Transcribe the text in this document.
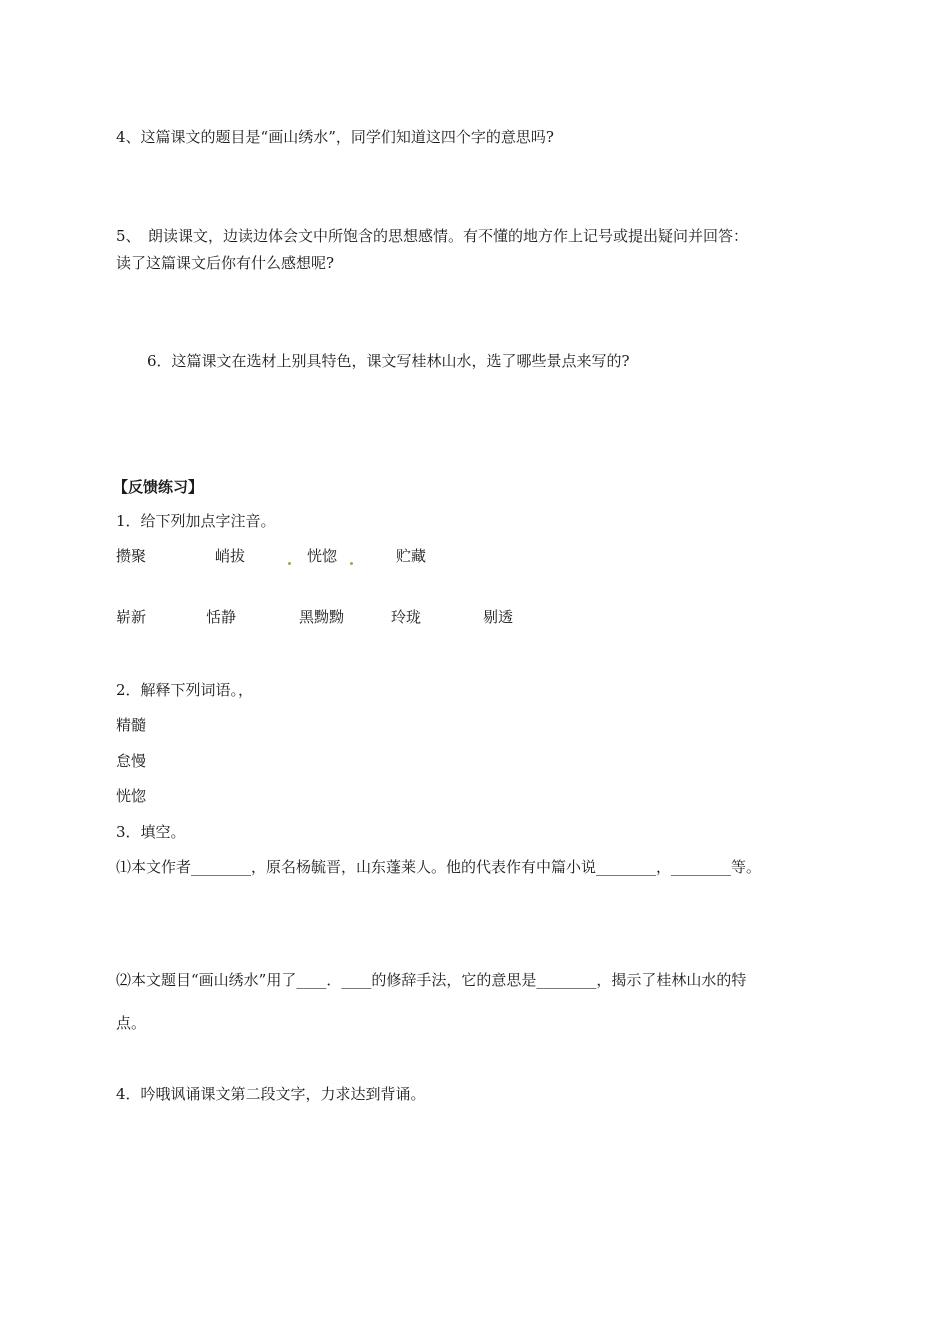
4、这篇课文的题目是“画山绣水”，同学们知道这四个字的意思吗?
5、　朗读课文，边读边体会文中所饱含的思想感情。有不懂的地方作上记号或提出疑问并回答：
读了这篇课文后你有什么感想呢?
6．这篇课文在选材上别具特色，课文写桂林山水，选了哪些景点来写的?
【反馈练习】
1．给下列加点字注音。
攒聚	峭拔	恍惚	贮藏
崭新	恬静	黑黝黝	玲珑	剔透
2．解释下列词语。，
精髓
怠慢
恍惚
3．填空。
⑴本文作者________，原名杨毓晋，山东蓬莱人。他的代表作有中篇小说________，________等。
⑵本文题目“画山绣水”用了____．____的修辞手法，它的意思是________，揭示了桂林山水的特
点。
4．吟哦讽诵课文第二段文字，力求达到背诵。
